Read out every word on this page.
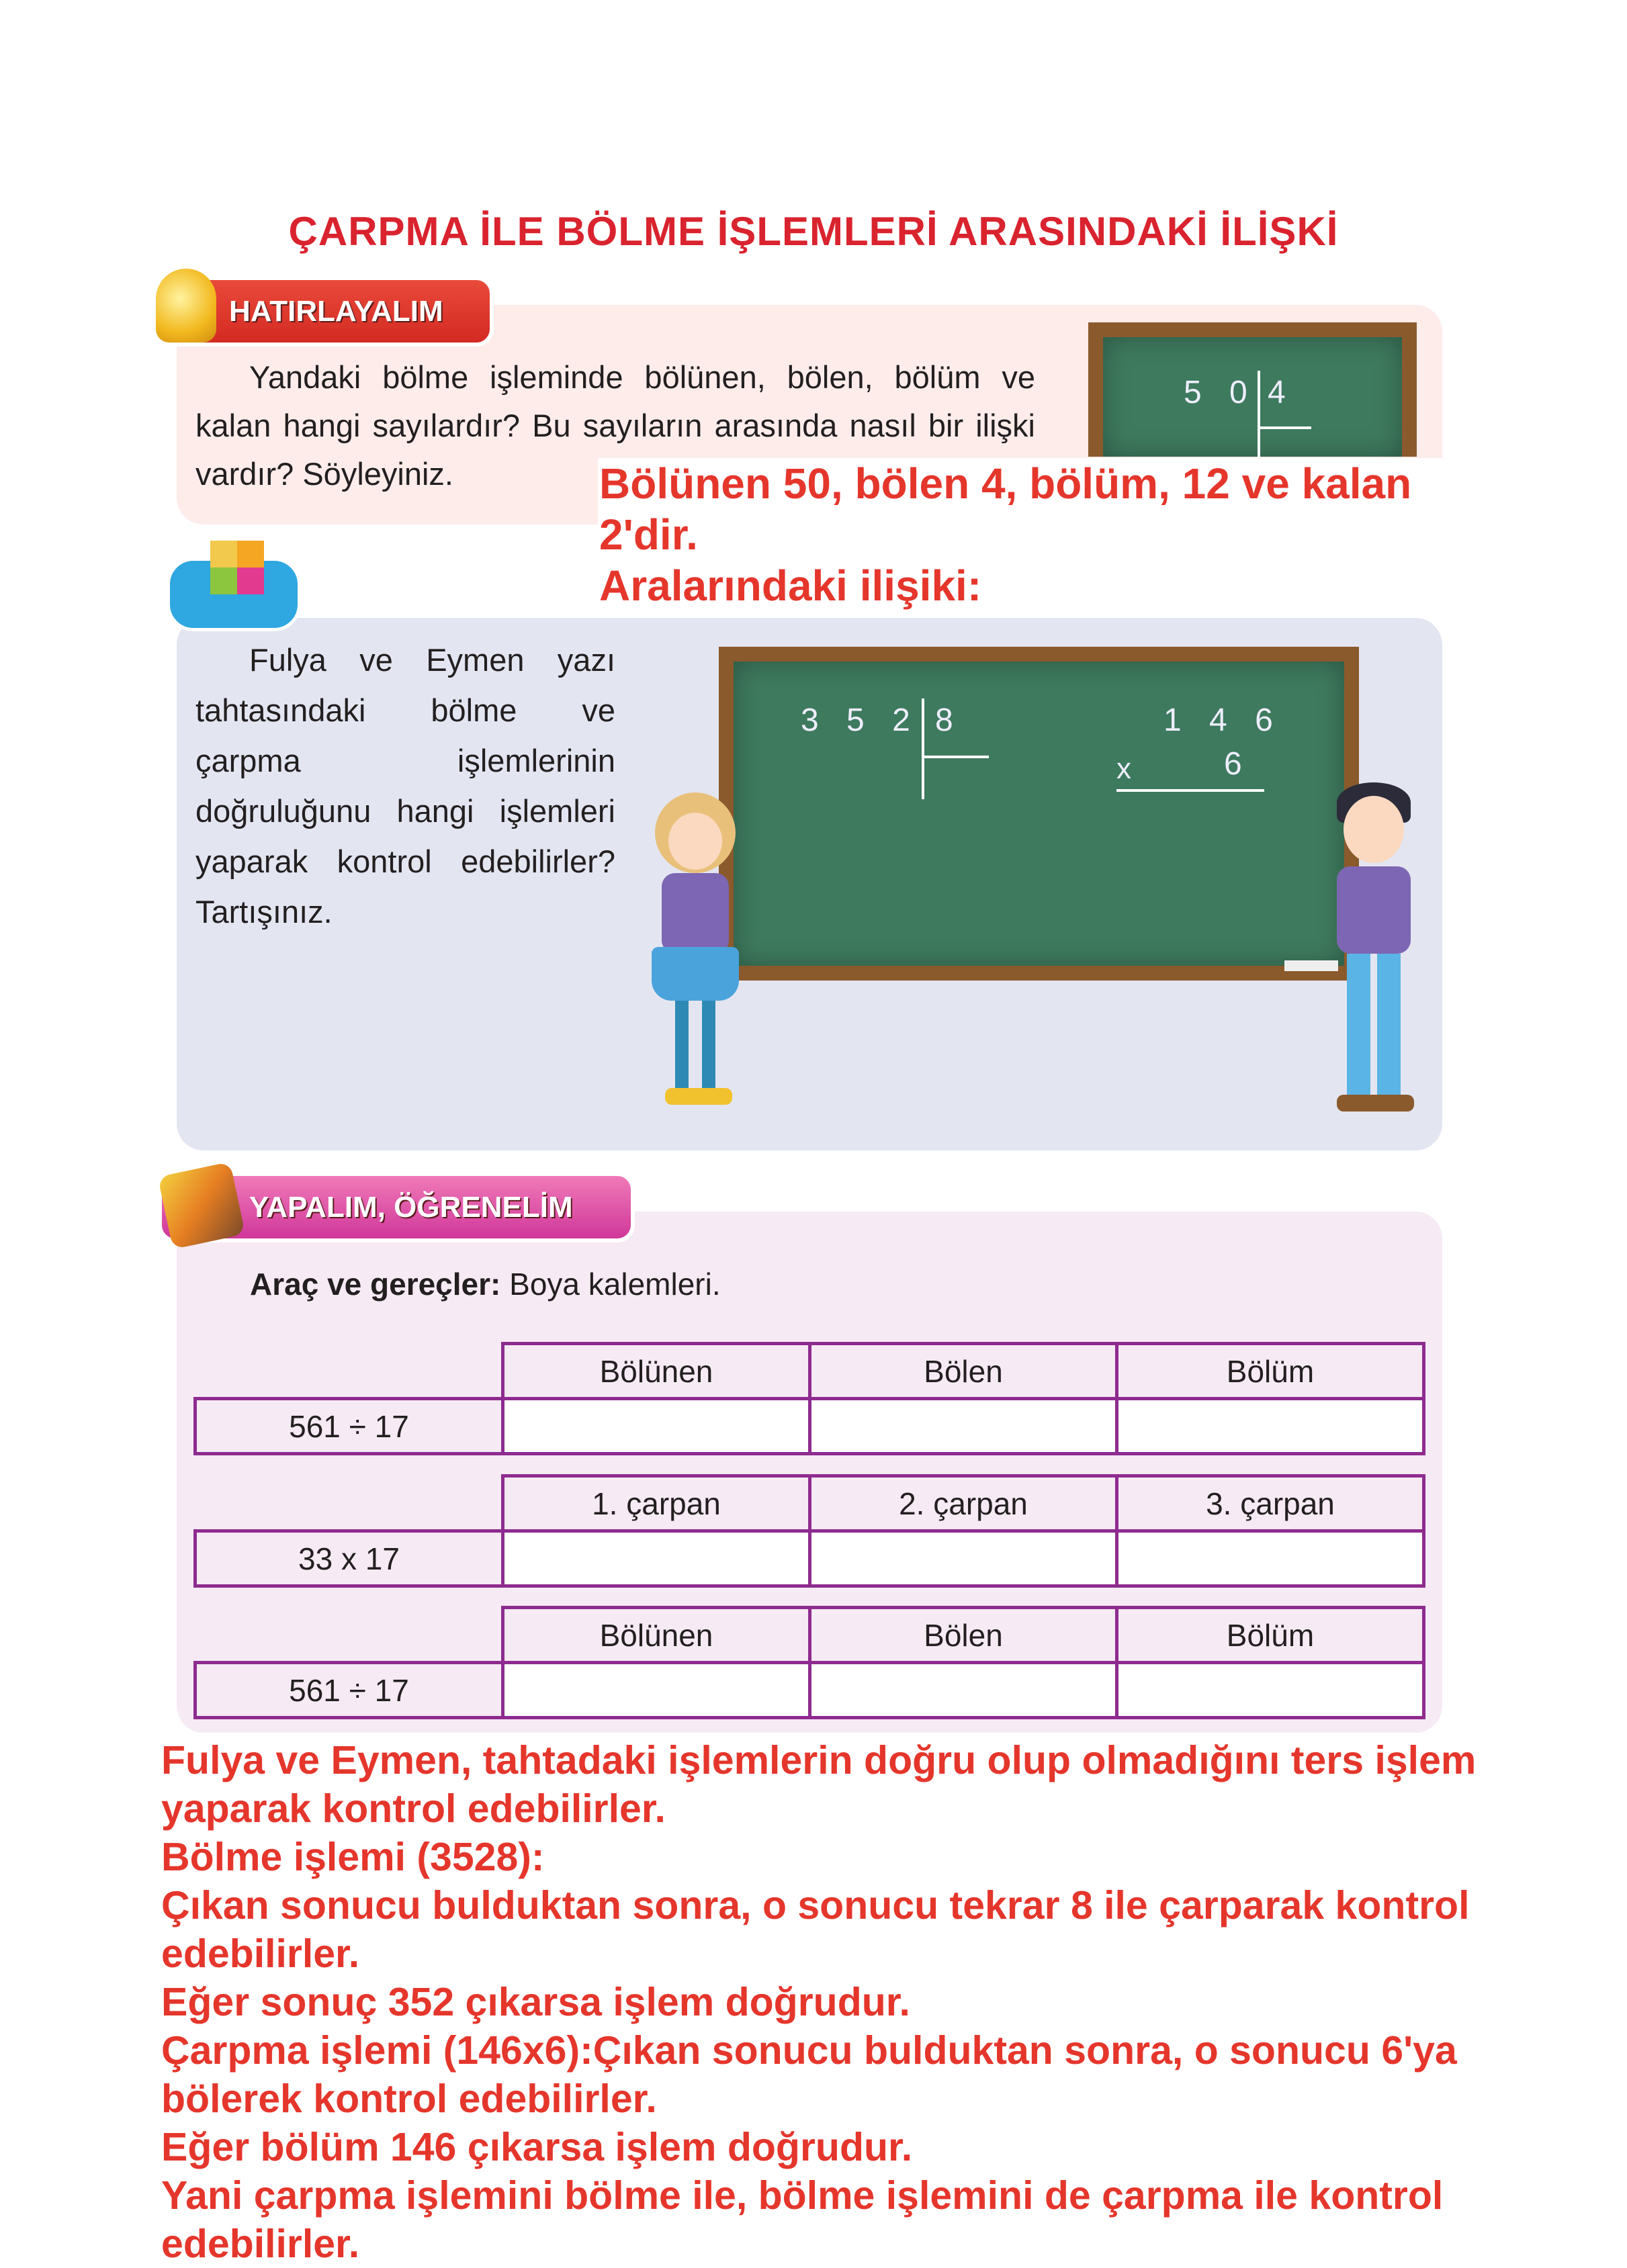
ÇARPMA İLE BÖLME İŞLEMLERİ ARASINDAKİ İLİŞKİ
HATIRLAYALIM
Yandaki bölme işleminde bölünen, bölen, bölüm ve kalan hangi sayılardır? Bu sayıların arasında nasıl bir ilişki vardır? Söyleyiniz.
5 0 4
Bölünen 50, bölen 4, bölüm, 12 ve kalan 2'dir.
Aralarındaki ilişiki:
Fulya ve Eymen yazı tahtasındaki bölme ve çarpma işlemlerinin doğruluğunu hangi işlemleri yaparak kontrol edebilirler? Tartışınız.
3 5 2 8	1 4 6
x	6
YAPALIM, ÖĞRENELİM
Araç ve gereçler: Boya kalemleri.
	Bölünen	Bölen	Bölüm
561 ÷ 17			
	1. çarpan	2. çarpan	3. çarpan
33 x 17			
	Bölünen	Bölen	Bölüm
561 ÷ 17			
Fulya ve Eymen, tahtadaki işlemlerin doğru olup olmadığını ters işlem yaparak kontrol edebilirler.
Bölme işlemi (3528):
Çıkan sonucu bulduktan sonra, o sonucu tekrar 8 ile çarparak kontrol edebilirler.
Eğer sonuç 352 çıkarsa işlem doğrudur.
Çarpma işlemi (146x6):Çıkan sonucu bulduktan sonra, o sonucu 6'ya bölerek kontrol edebilirler.
Eğer bölüm 146 çıkarsa işlem doğrudur.
Yani çarpma işlemini bölme ile, bölme işlemini de çarpma ile kontrol edebilirler.
